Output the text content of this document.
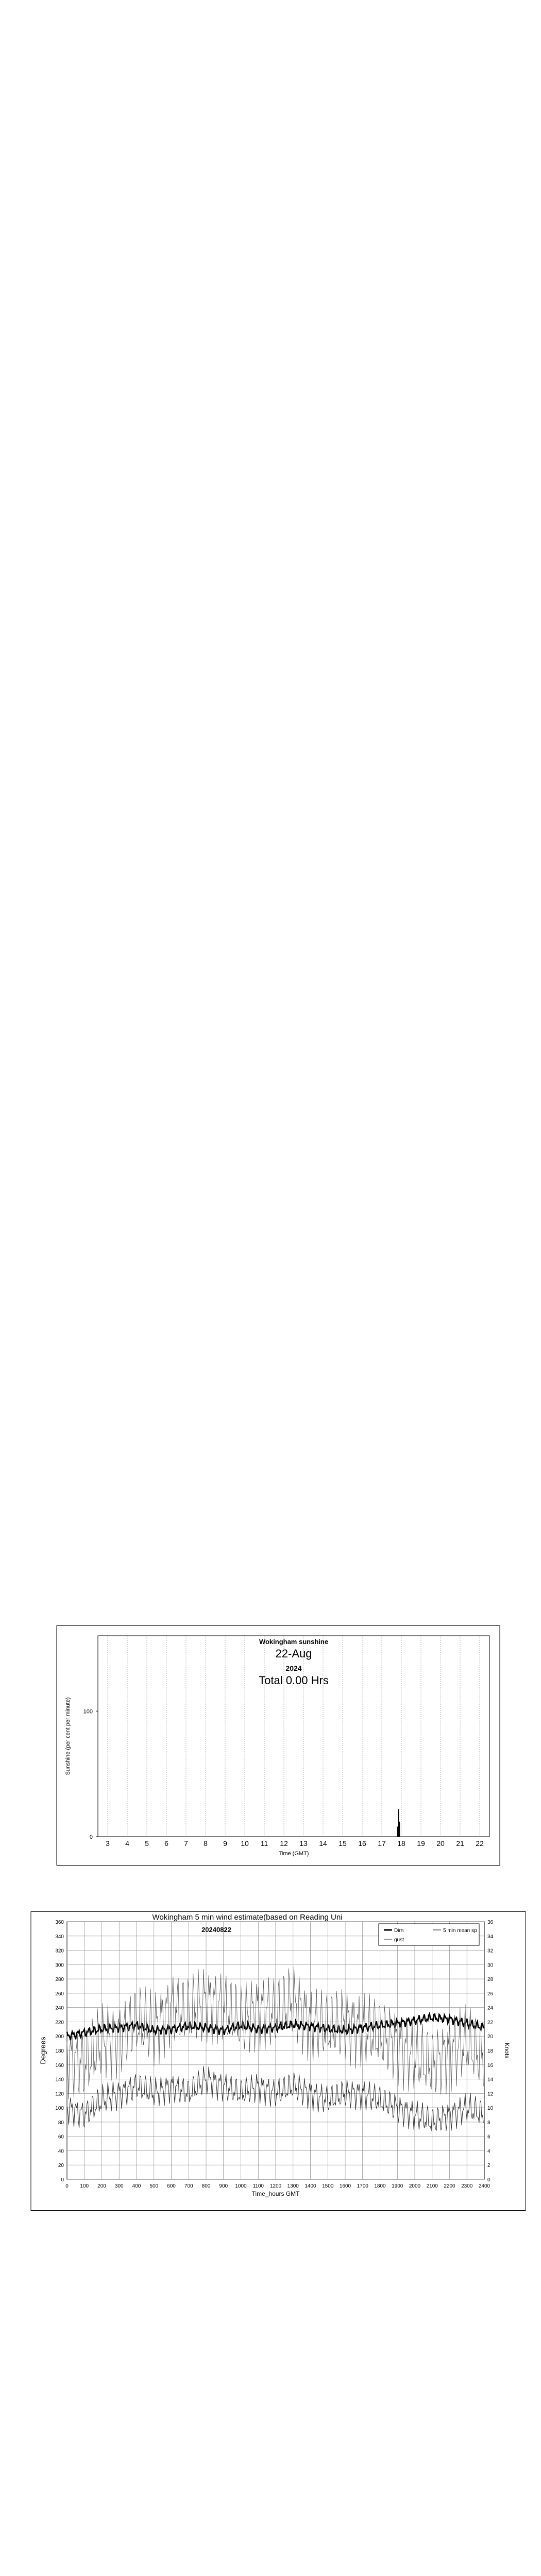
3 4 5 6 7 8 9 10 11 12 13 14 15 16 17 18 19 20 21 22
0
100
Wokingham sunshine
22-Aug
2024
Total 0.00 Hrs
Time (GMT)
Sunshine (per cent per minute)
0	0
20	2
40	4
60	6
80	8
100	10
120	12
140	14
160	16
180	18
200	20
220	22
240	24
260	26
280	28
300	30
320	32
340	34
360	36
0 100 200 300 400 500 600 700 800 900 1000 1100 1200 1300 1400 1500 1600 1700 1800 1900 2000 2100 2200 2300 2400
Time_hours GMT
Degrees	Knots
Wokingham 5 min wind estimate(based on Reading Uni
20240822	Dirn	5 min mean sp
gust
